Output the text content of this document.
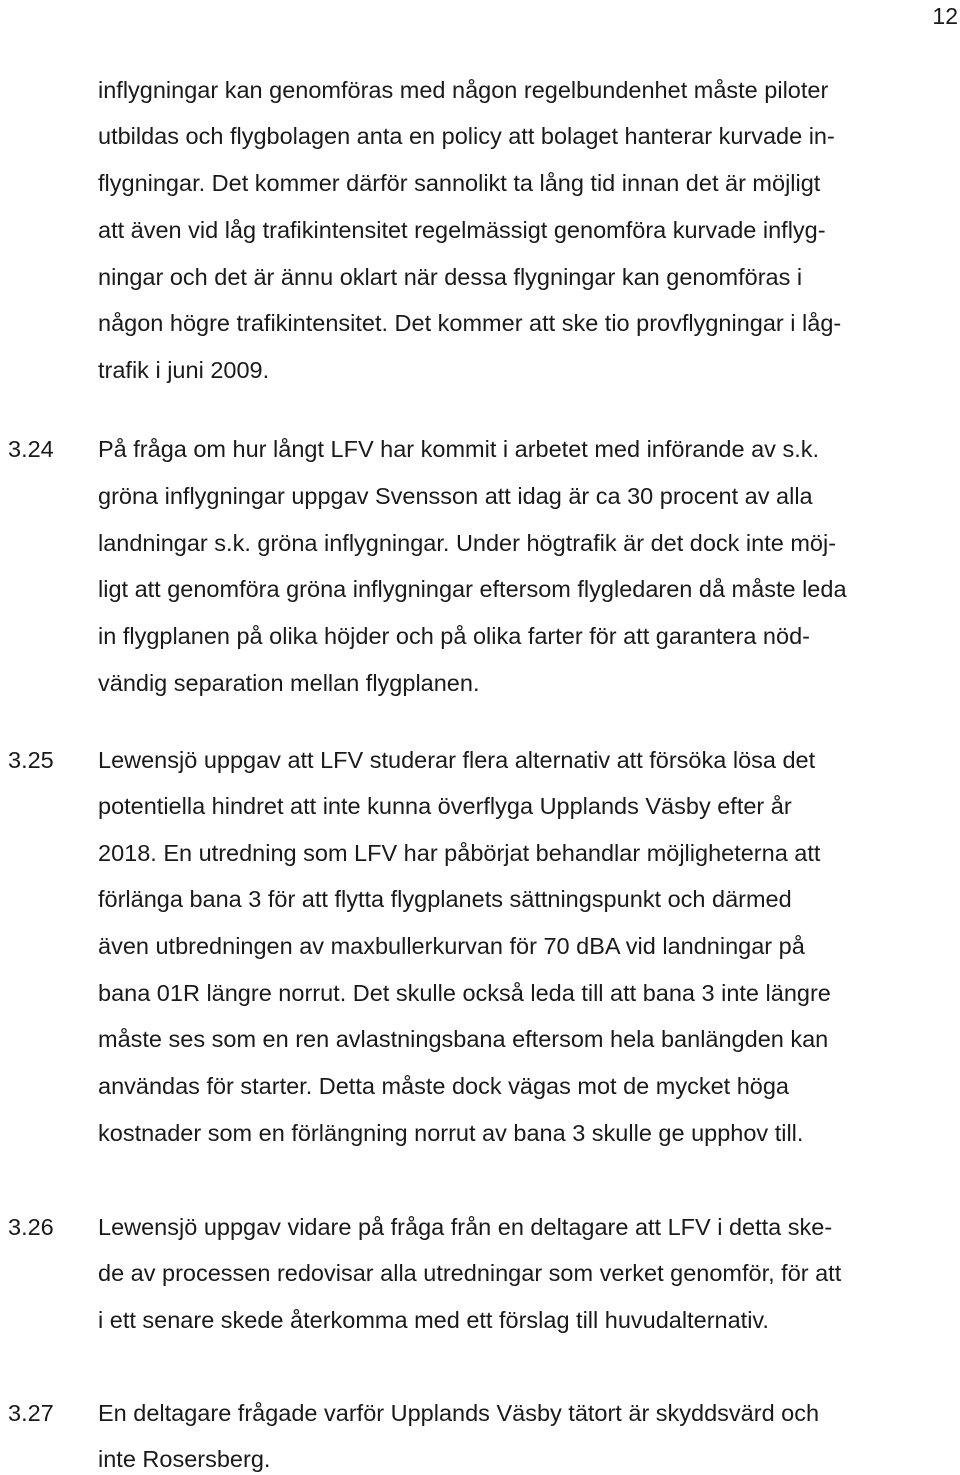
12
inflygningar kan genomföras med någon regelbundenhet måste piloter
utbildas och flygbolagen anta en policy att bolaget hanterar kurvade in-
flygningar. Det kommer därför sannolikt ta lång tid innan det är möjligt
att även vid låg trafikintensitet regelmässigt genomföra kurvade inflyg-
ningar och det är ännu oklart när dessa flygningar kan genomföras i
någon högre trafikintensitet. Det kommer att ske tio provflygningar i låg-
trafik i juni 2009.
3.24 På fråga om hur långt LFV har kommit i arbetet med införande av s.k.
gröna inflygningar uppgav Svensson att idag är ca 30 procent av alla
landningar s.k. gröna inflygningar. Under högtrafik är det dock inte möj-
ligt att genomföra gröna inflygningar eftersom flygledaren då måste leda
in flygplanen på olika höjder och på olika farter för att garantera nöd-
vändig separation mellan flygplanen.
3.25 Lewensjö uppgav att LFV studerar flera alternativ att försöka lösa det
potentiella hindret att inte kunna överflyga Upplands Väsby efter år
2018. En utredning som LFV har påbörjat behandlar möjligheterna att
förlänga bana 3 för att flytta flygplanets sättningspunkt och därmed
även utbredningen av maxbullerkurvan för 70 dBA vid landningar på
bana 01R längre norrut. Det skulle också leda till att bana 3 inte längre
måste ses som en ren avlastningsbana eftersom hela banlängden kan
användas för starter. Detta måste dock vägas mot de mycket höga
kostnader som en förlängning norrut av bana 3 skulle ge upphov till.
3.26 Lewensjö uppgav vidare på fråga från en deltagare att LFV i detta ske-
de av processen redovisar alla utredningar som verket genomför, för att
i ett senare skede återkomma med ett förslag till huvudalternativ.
3.27 En deltagare frågade varför Upplands Väsby tätort är skyddsvärd och
inte Rosersberg.
